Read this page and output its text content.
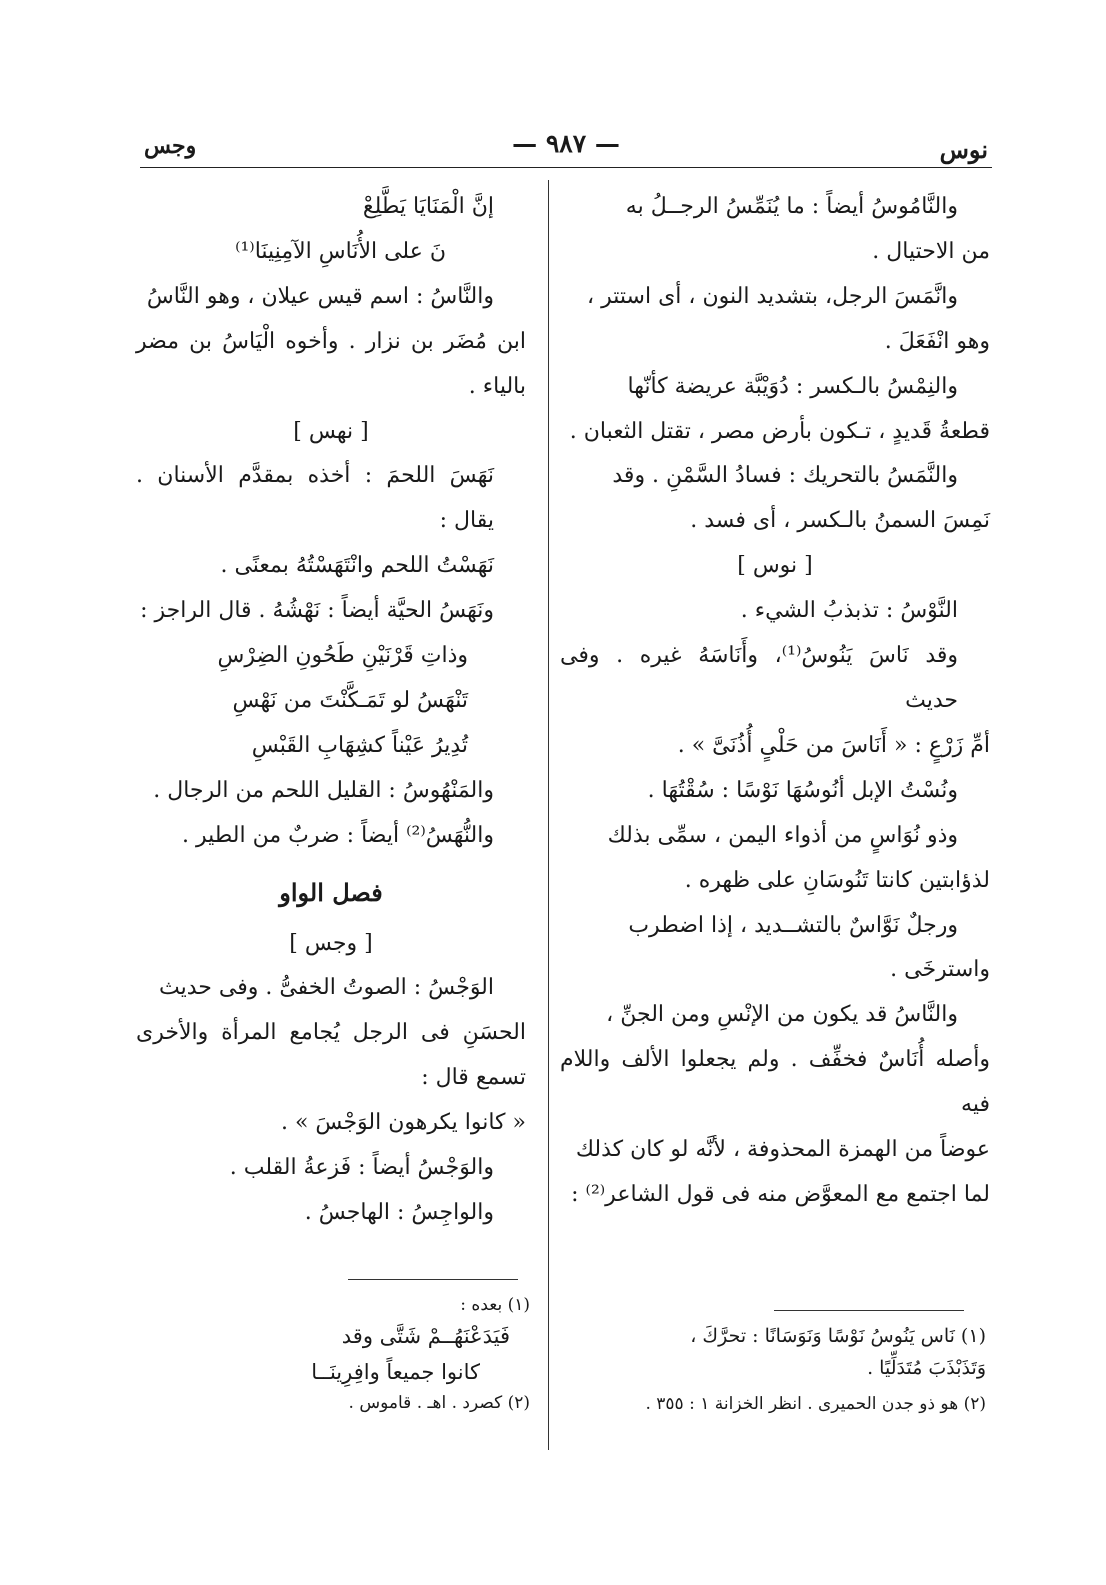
نوس
— ٩٨٧ —
وجس

والنَّامُوسُ أيضاً : ما يُنَمِّسُ الرجــلُ به

من الاحتيال .

وانَّمَسَ الرجل، بتشديد النون ، أى استتر ،

وهو انْفَعَلَ .

والنِمْسُ بالـكسر : دُوَيْبَّة عريضة كأنّها

قطعةُ قَديدٍ ، تـكون بأرض مصر ، تقتل الثعبان .

والنَّمَسُ بالتحريك : فسادُ السَّمْنِ . وقد

نَمِسَ السمنُ بالـكسر ، أى فسد .

[ نوس ]

النَّوْسُ : تذبذبُ الشيء .

وقد نَاسَ يَنُوسُ⁽¹⁾، وأَنَاسَهُ غيره . وفى حديث

أمِّ زَرْعٍ : « أَنَاسَ من حَلْىٍ أُذُنَىَّ » .

ونُسْتُ الإبل أنُوسُهَا نَوْسًا : سُقْتُهَا .

وذو نُوَاسٍ من أذواء اليمن ، سمِّى بذلك

لذؤابتين كانتا تَنُوسَانِ على ظهره .

ورجلٌ نَوَّاسٌ بالتشــديد ، إذا اضطرب

واسترخَى .

والنَّاسُ قد يكون من الإنْسِ ومن الجنِّ ،

وأصله أُنَاسٌ فخفِّف . ولم يجعلوا الألف واللام فيه

عوضاً من الهمزة المحذوفة ، لأنَّه لو كان كذلك

لما اجتمع مع المعوَّض منه فى قول الشاعر⁽²⁾ :

إنَّ الْمَنَايَا يَطَّلِعْ

نَ على الأُنَاسِ الآمِنِينَا⁽¹⁾

والنَّاسُ : اسم قيس عيلان ، وهو النَّاسُ

ابن مُضَر بن نزار . وأخوه الْيَاسُ بن مضر بالياء .

[ نهس ]

نَهَسَ اللحمَ : أخذه بمقدَّم الأسنان . يقال :

نَهَسْتُ اللحم وانْتَهَسْتُهُ بمعنًى .

ونَهَسُ الحيَّة أيضاً : نَهْشُهُ . قال الراجز :

وذاتِ قَرْنَيْنِ طَحُونِ الضِرْسِ

تَنْهَسُ لو تَمَـكَّنْتَ من نَهْسِ

تُدِيرُ عَيْناً كشِهَابِ القَبْسِ

والمَنْهُوسُ : القليل اللحم من الرجال .

والنُّهَسُ⁽²⁾ أيضاً : ضربٌ من الطير .

فصل الواو

[ وجس ]

الوَجْسُ : الصوتُ الخفىُّ . وفى حديث

الحسَنِ فى الرجل يُجامع المرأة والأخرى تسمع قال :

« كانوا يكرهون الوَجْسَ » .

والوَجْسُ أيضاً : فَزعةُ القلب .

والواجِسُ : الهاجسُ .

(١) نَاس يَنُوسُ نَوْسًا وَنَوَسَانًا : تحرَّكَ ،

وَتَذَبْذَبَ مُتَدَلِّيًا .

(٢) هو ذو جدن الحميرى . انظر الخزانة ١ : ٣٥٥ .

(١) بعده :

فَيَدَعْنَهُــمْ شَتَّى وقد

كانوا جميعاً وافِرِينَــا

(٢) كصرد . اهـ . قاموس .
